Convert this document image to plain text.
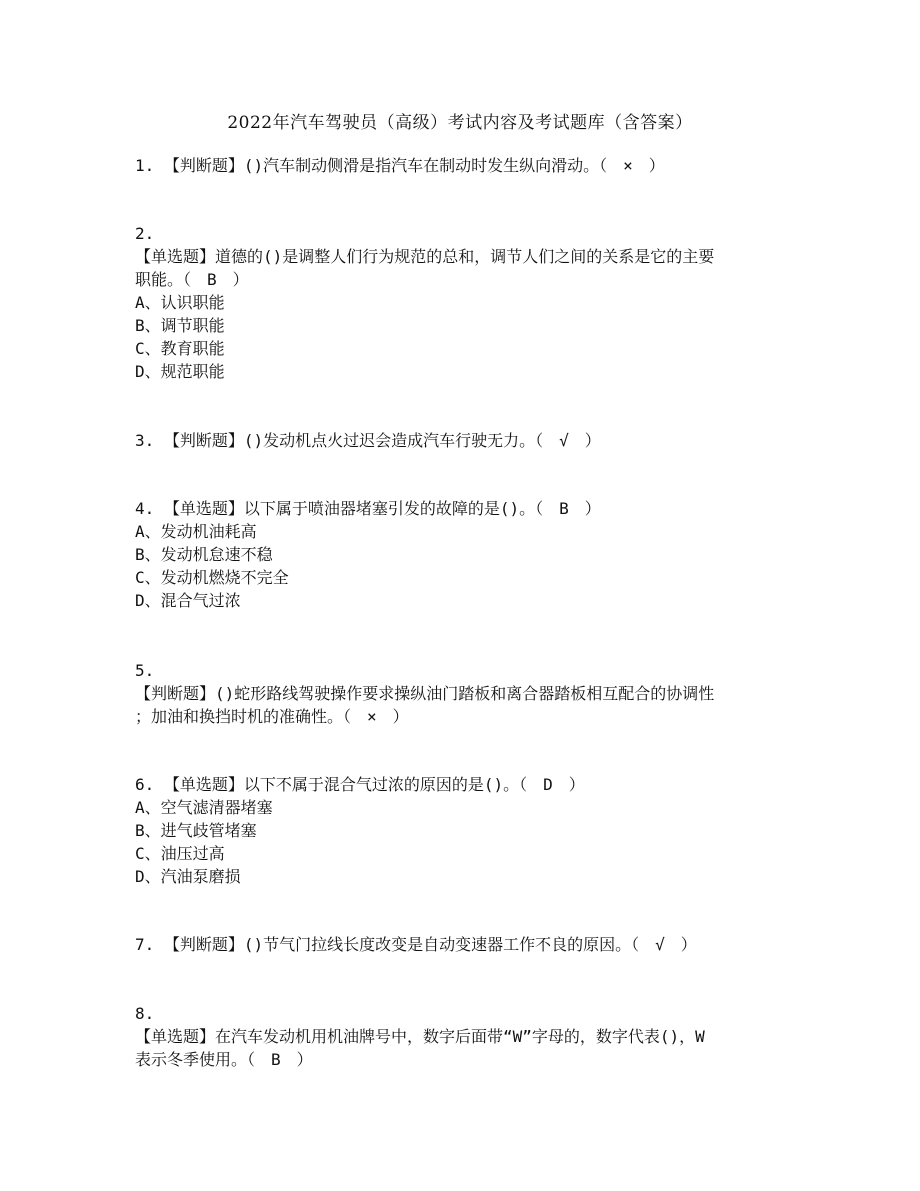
2022年汽车驾驶员（高级）考试内容及考试题库（含答案）
1. 【判断题】()汽车制动侧滑是指汽车在制动时发生纵向滑动。（　×　）
2.
【单选题】道德的()是调整人们行为规范的总和，调节人们之间的关系是它的主要
职能。（　B　）
A、认识职能
B、调节职能
C、教育职能
D、规范职能
3. 【判断题】()发动机点火过迟会造成汽车行驶无力。（　√　）
4. 【单选题】以下属于喷油器堵塞引发的故障的是()。（　B　）
A、发动机油耗高
B、发动机怠速不稳
C、发动机燃烧不完全
D、混合气过浓
5.
【判断题】()蛇形路线驾驶操作要求操纵油门踏板和离合器踏板相互配合的协调性
；加油和换挡时机的准确性。（　×　）
6. 【单选题】以下不属于混合气过浓的原因的是()。（　D　）
A、空气滤清器堵塞
B、进气歧管堵塞
C、油压过高
D、汽油泵磨损
7. 【判断题】()节气门拉线长度改变是自动变速器工作不良的原因。（　√　）
8.
【单选题】在汽车发动机用机油牌号中，数字后面带“W”字母的，数字代表()，W
表示冬季使用。（　B　）
